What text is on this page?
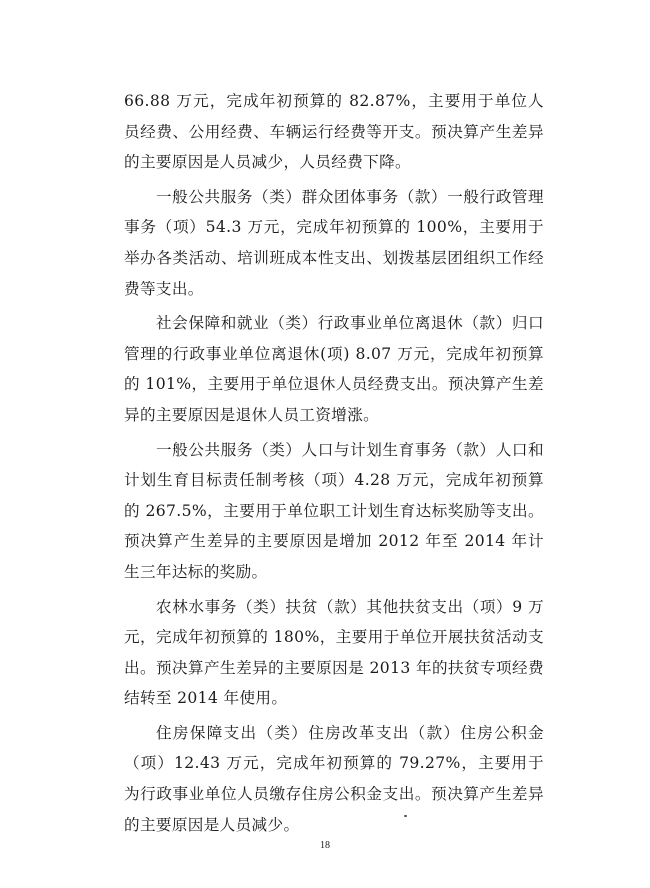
66.88 万元，完成年初预算的 82.87%，主要用于单位人员经费、公用经费、车辆运行经费等开支。预决算产生差异的主要原因是人员减少，人员经费下降。

一般公共服务（类）群众团体事务（款）一般行政管理事务（项）54.3 万元，完成年初预算的 100%，主要用于举办各类活动、培训班成本性支出、划拨基层团组织工作经费等支出。

社会保障和就业（类）行政事业单位离退休（款）归口管理的行政事业单位离退休(项) 8.07 万元，完成年初预算的 101%，主要用于单位退休人员经费支出。预决算产生差异的主要原因是退休人员工资增涨。

一般公共服务（类）人口与计划生育事务（款）人口和计划生育目标责任制考核（项）4.28 万元，完成年初预算的 267.5%，主要用于单位职工计划生育达标奖励等支出。预决算产生差异的主要原因是增加 2012 年至 2014 年计生三年达标的奖励。

农林水事务（类）扶贫（款）其他扶贫支出（项）9 万元，完成年初预算的 180%，主要用于单位开展扶贫活动支出。预决算产生差异的主要原因是 2013 年的扶贫专项经费结转至 2014 年使用。

住房保障支出（类）住房改革支出（款）住房公积金（项）12.43 万元，完成年初预算的 79.27%，主要用于为行政事业单位人员缴存住房公积金支出。预决算产生差异的主要原因是人员减少。

18
